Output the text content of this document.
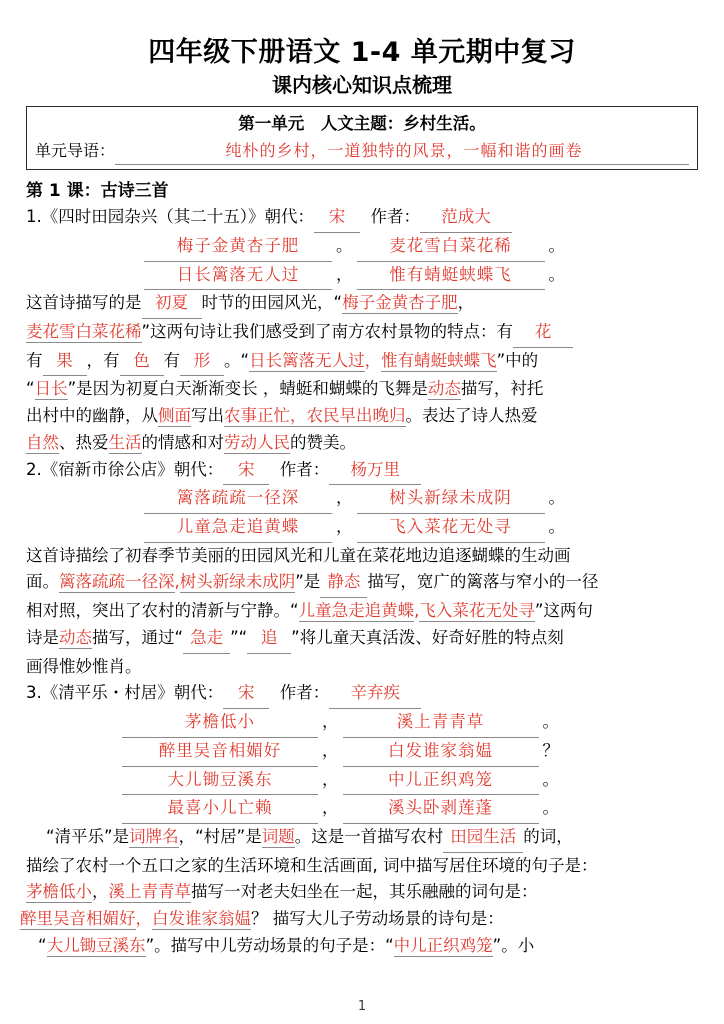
四年级下册语文 1-4 单元期中复习
课内核心知识点梳理
第一单元　人文主题：乡村生活。
单元导语：	纯朴的乡村，一道独特的风景，一幅和谐的画卷
第 1 课：古诗三首
1.《四时田园杂兴（其二十五）》朝代： 宋 作者： 范成大
梅子金黄杏子肥	。	麦花雪白菜花稀	。
日长篱落无人过	，	惟有蜻蜓蛱蝶飞	。
这首诗描写的是 初夏 时节的田园风光，“梅子金黄杏子肥，
麦花雪白菜花稀”这两句诗让我们感受到了南方农村景物的特点：有 花
有 果 ，有 色 有 形 。“日长篱落无人过，惟有蜻蜓蛱蝶飞”中的
“日长”是因为初夏白天渐渐变长 ，蜻蜓和蝴蝶的飞舞是动态描写，衬托
出村中的幽静，从侧面写出农事正忙，农民早出晚归。表达了诗人热爱
自然、热爱生活的情感和对劳动人民的赞美。
2.《宿新市徐公店》朝代： 宋 作者： 杨万里
篱落疏疏一径深	，	树头新绿未成阴	。
儿童急走追黄蝶	，	飞入菜花无处寻	。
这首诗描绘了初春季节美丽的田园风光和儿童在菜花地边追逐蝴蝶的生动画
面。篱落疏疏一径深,树头新绿未成阴”是 静态 描写，宽广的篱落与窄小的一径
相对照，突出了农村的清新与宁静。“儿童急走追黄蝶,飞入菜花无处寻”这两句
诗是动态描写，通过“ 急走 ”“ 追 ”将儿童天真活泼、好奇好胜的特点刻
画得惟妙惟肖。
3.《清平乐・村居》朝代： 宋 作者： 辛弃疾
茅檐低小	，	溪上青青草	。
醉里吴音相媚好	，	白发谁家翁媪	？
大儿锄豆溪东	，	中儿正织鸡笼	。
最喜小儿亡赖	，	溪头卧剥莲蓬	。
“清平乐”是词牌名，“村居”是词题。这是一首描写农村 田园生活 的词，
描绘了农村一个五口之家的生活环境和生活画面, 词中描写居住环境的句子是：
茅檐低小，溪上青青草描写一对老夫妇坐在一起，其乐融融的词句是：
醉里吴音相媚好，白发谁家翁媪？ 描写大儿子劳动场景的诗句是：
“大儿锄豆溪东”。描写中儿劳动场景的句子是：“中儿正织鸡笼”。小
1
